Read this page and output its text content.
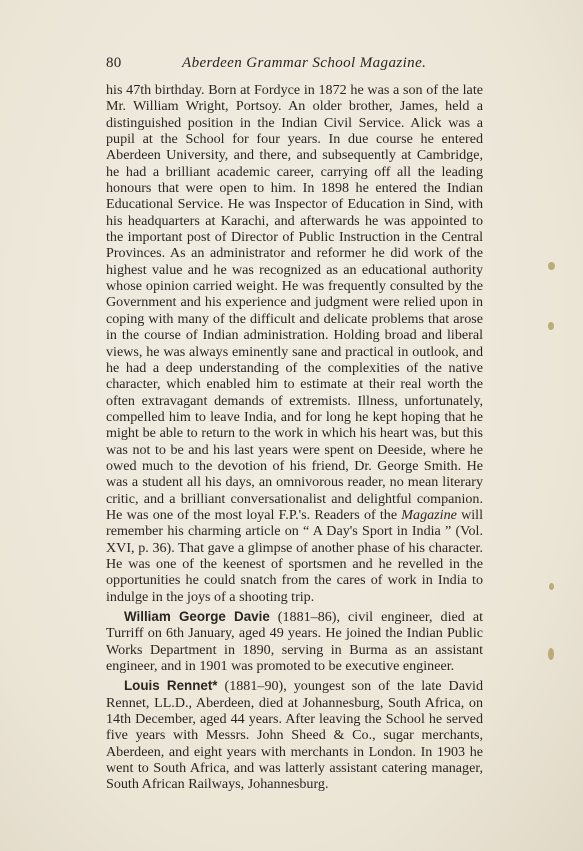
80	Aberdeen Grammar School Magazine.

his 47th birthday. Born at Fordyce in 1872 he was a son of the late Mr. William Wright, Portsoy. An older brother, James, held a distinguished position in the Indian Civil Service. Alick was a pupil at the School for four years. In due course he entered Aberdeen University, and there, and subsequently at Cambridge, he had a brilliant academic career, carrying off all the leading honours that were open to him. In 1898 he entered the Indian Educational Service. He was Inspector of Education in Sind, with his headquarters at Karachi, and afterwards he was appointed to the important post of Director of Public Instruction in the Central Provinces. As an administrator and reformer he did work of the highest value and he was recognized as an educational authority whose opinion carried weight. He was frequently consulted by the Government and his experience and judgment were relied upon in coping with many of the difficult and delicate problems that arose in the course of Indian administration. Holding broad and liberal views, he was always eminently sane and practical in outlook, and he had a deep understanding of the complexities of the native character, which enabled him to estimate at their real worth the often extravagant demands of extremists. Illness, unfortunately, compelled him to leave India, and for long he kept hoping that he might be able to return to the work in which his heart was, but this was not to be and his last years were spent on Deeside, where he owed much to the devotion of his friend, Dr. George Smith. He was a student all his days, an omnivorous reader, no mean literary critic, and a brilliant conversationalist and delightful companion. He was one of the most loyal F.P.'s. Readers of the Magazine will remember his charming article on “ A Day's Sport in India ” (Vol. XVI, p. 36). That gave a glimpse of another phase of his character. He was one of the keenest of sportsmen and he revelled in the opportunities he could snatch from the cares of work in India to indulge in the joys of a shooting trip.

William George Davie (1881–86), civil engineer, died at Turriff on 6th January, aged 49 years. He joined the Indian Public Works Department in 1890, serving in Burma as an assistant engineer, and in 1901 was promoted to be executive engineer.

Louis Rennet* (1881–90), youngest son of the late David Rennet, LL.D., Aberdeen, died at Johannesburg, South Africa, on 14th December, aged 44 years. After leaving the School he served five years with Messrs. John Sheed & Co., sugar merchants, Aberdeen, and eight years with merchants in London. In 1903 he went to South Africa, and was latterly assistant catering manager, South African Railways, Johannesburg.
